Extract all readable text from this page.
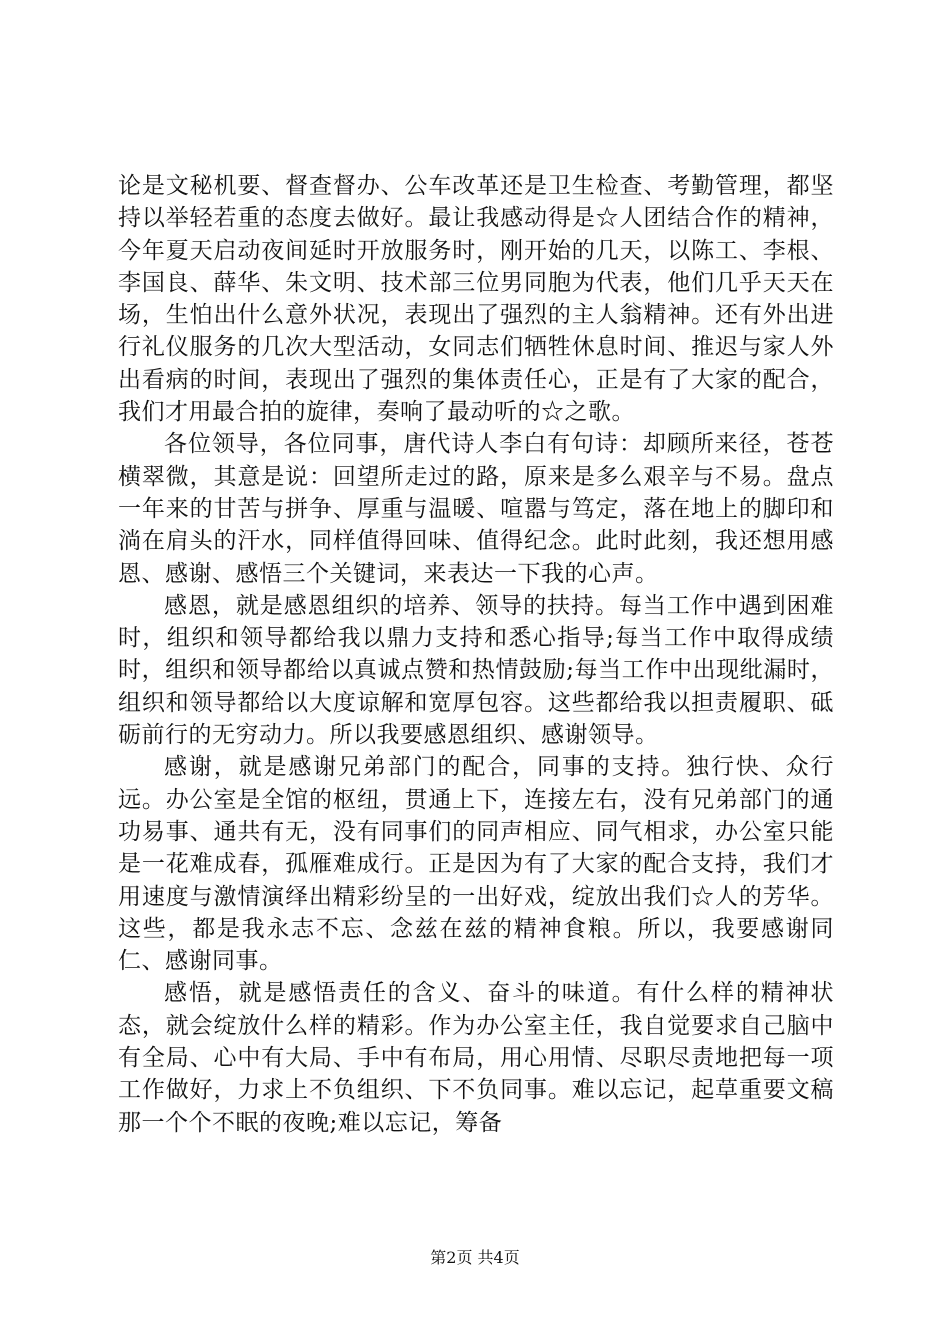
论是文秘机要、督查督办、公车改革还是卫生检查、考勤管理，都坚持以举轻若重的态度去做好。最让我感动得是☆人团结合作的精神，今年夏天启动夜间延时开放服务时，刚开始的几天，以陈工、李根、李国良、薛华、朱文明、技术部三位男同胞为代表，他们几乎天天在场，生怕出什么意外状况，表现出了强烈的主人翁精神。还有外出进行礼仪服务的几次大型活动，女同志们牺牲休息时间、推迟与家人外出看病的时间，表现出了强烈的集体责任心，正是有了大家的配合，我们才用最合拍的旋律，奏响了最动听的☆之歌。

各位领导，各位同事，唐代诗人李白有句诗：却顾所来径，苍苍横翠微，其意是说：回望所走过的路，原来是多么艰辛与不易。盘点一年来的甘苦与拼争、厚重与温暖、喧嚣与笃定，落在地上的脚印和淌在肩头的汗水，同样值得回味、值得纪念。此时此刻，我还想用感恩、感谢、感悟三个关键词，来表达一下我的心声。

感恩，就是感恩组织的培养、领导的扶持。每当工作中遇到困难时，组织和领导都给我以鼎力支持和悉心指导;每当工作中取得成绩时，组织和领导都给以真诚点赞和热情鼓励;每当工作中出现纰漏时，组织和领导都给以大度谅解和宽厚包容。这些都给我以担责履职、砥砺前行的无穷动力。所以我要感恩组织、感谢领导。

感谢，就是感谢兄弟部门的配合，同事的支持。独行快、众行远。办公室是全馆的枢纽，贯通上下，连接左右，没有兄弟部门的通功易事、通共有无，没有同事们的同声相应、同气相求，办公室只能是一花难成春，孤雁难成行。正是因为有了大家的配合支持，我们才用速度与激情演绎出精彩纷呈的一出好戏，绽放出我们☆人的芳华。这些，都是我永志不忘、念兹在兹的精神食粮。所以，我要感谢同仁、感谢同事。

感悟，就是感悟责任的含义、奋斗的味道。有什么样的精神状态，就会绽放什么样的精彩。作为办公室主任，我自觉要求自己脑中有全局、心中有大局、手中有布局，用心用情、尽职尽责地把每一项工作做好，力求上不负组织、下不负同事。难以忘记，起草重要文稿那一个个不眠的夜晚;难以忘记，筹备

第2页 共4页
